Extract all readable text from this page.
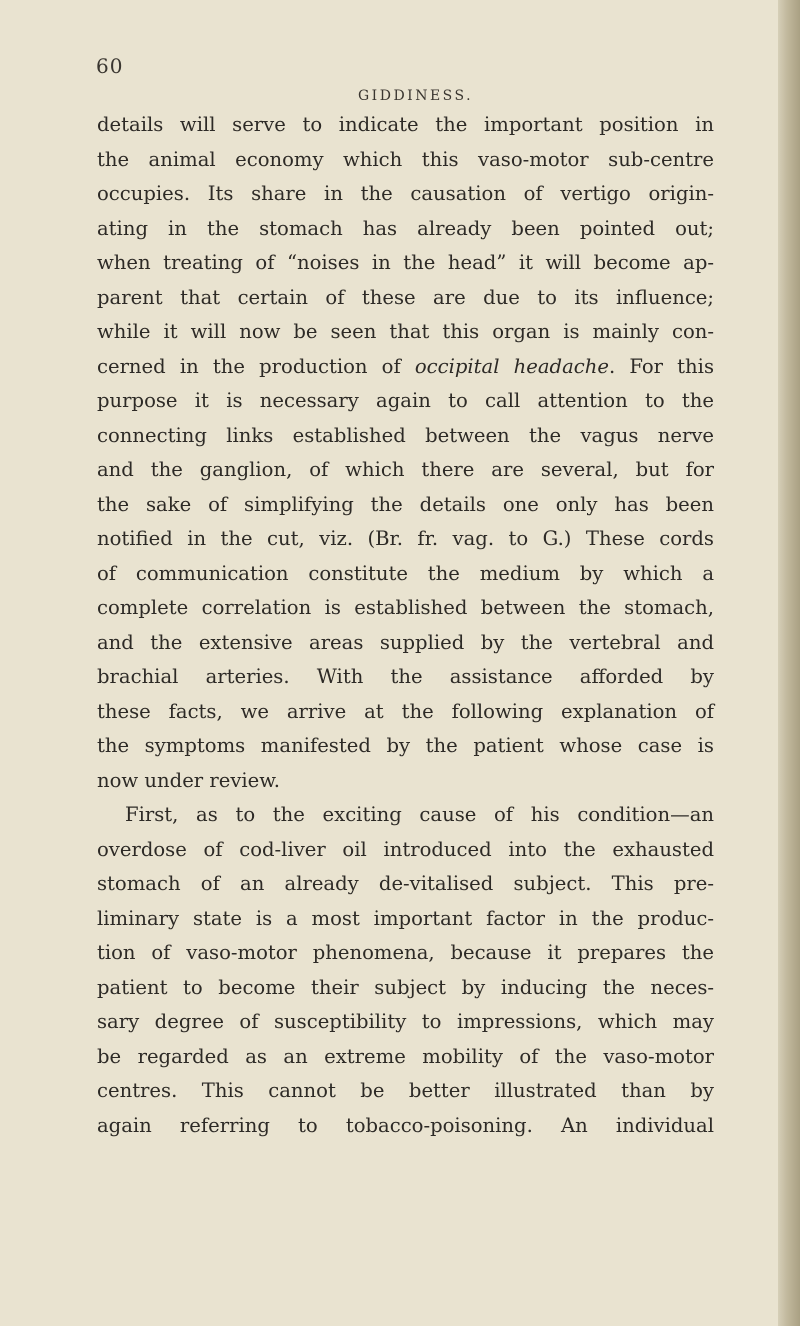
60
GIDDINESS.
details will serve to indicate the important position in
the animal economy which this vaso-motor sub-centre
occupies. Its share in the causation of vertigo origin-
ating in the stomach has already been pointed out;
when treating of “noises in the head” it will become ap-
parent that certain of these are due to its influence;
while it will now be seen that this organ is mainly con-
cerned in the production of occipital headache. For this
purpose it is necessary again to call attention to the
connecting links established between the vagus nerve
and the ganglion, of which there are several, but for
the sake of simplifying the details one only has been
notified in the cut, viz. (Br. fr. vag. to G.) These cords
of communication constitute the medium by which a
complete correlation is established between the stomach,
and the extensive areas supplied by the vertebral and
brachial arteries. With the assistance afforded by
these facts, we arrive at the following explanation of
the symptoms manifested by the patient whose case is
now under review.
First, as to the exciting cause of his condition—an
overdose of cod-liver oil introduced into the exhausted
stomach of an already de-vitalised subject. This pre-
liminary state is a most important factor in the produc-
tion of vaso-motor phenomena, because it prepares the
patient to become their subject by inducing the neces-
sary degree of susceptibility to impressions, which may
be regarded as an extreme mobility of the vaso-motor
centres. This cannot be better illustrated than by
again referring to tobacco-poisoning. An individual
